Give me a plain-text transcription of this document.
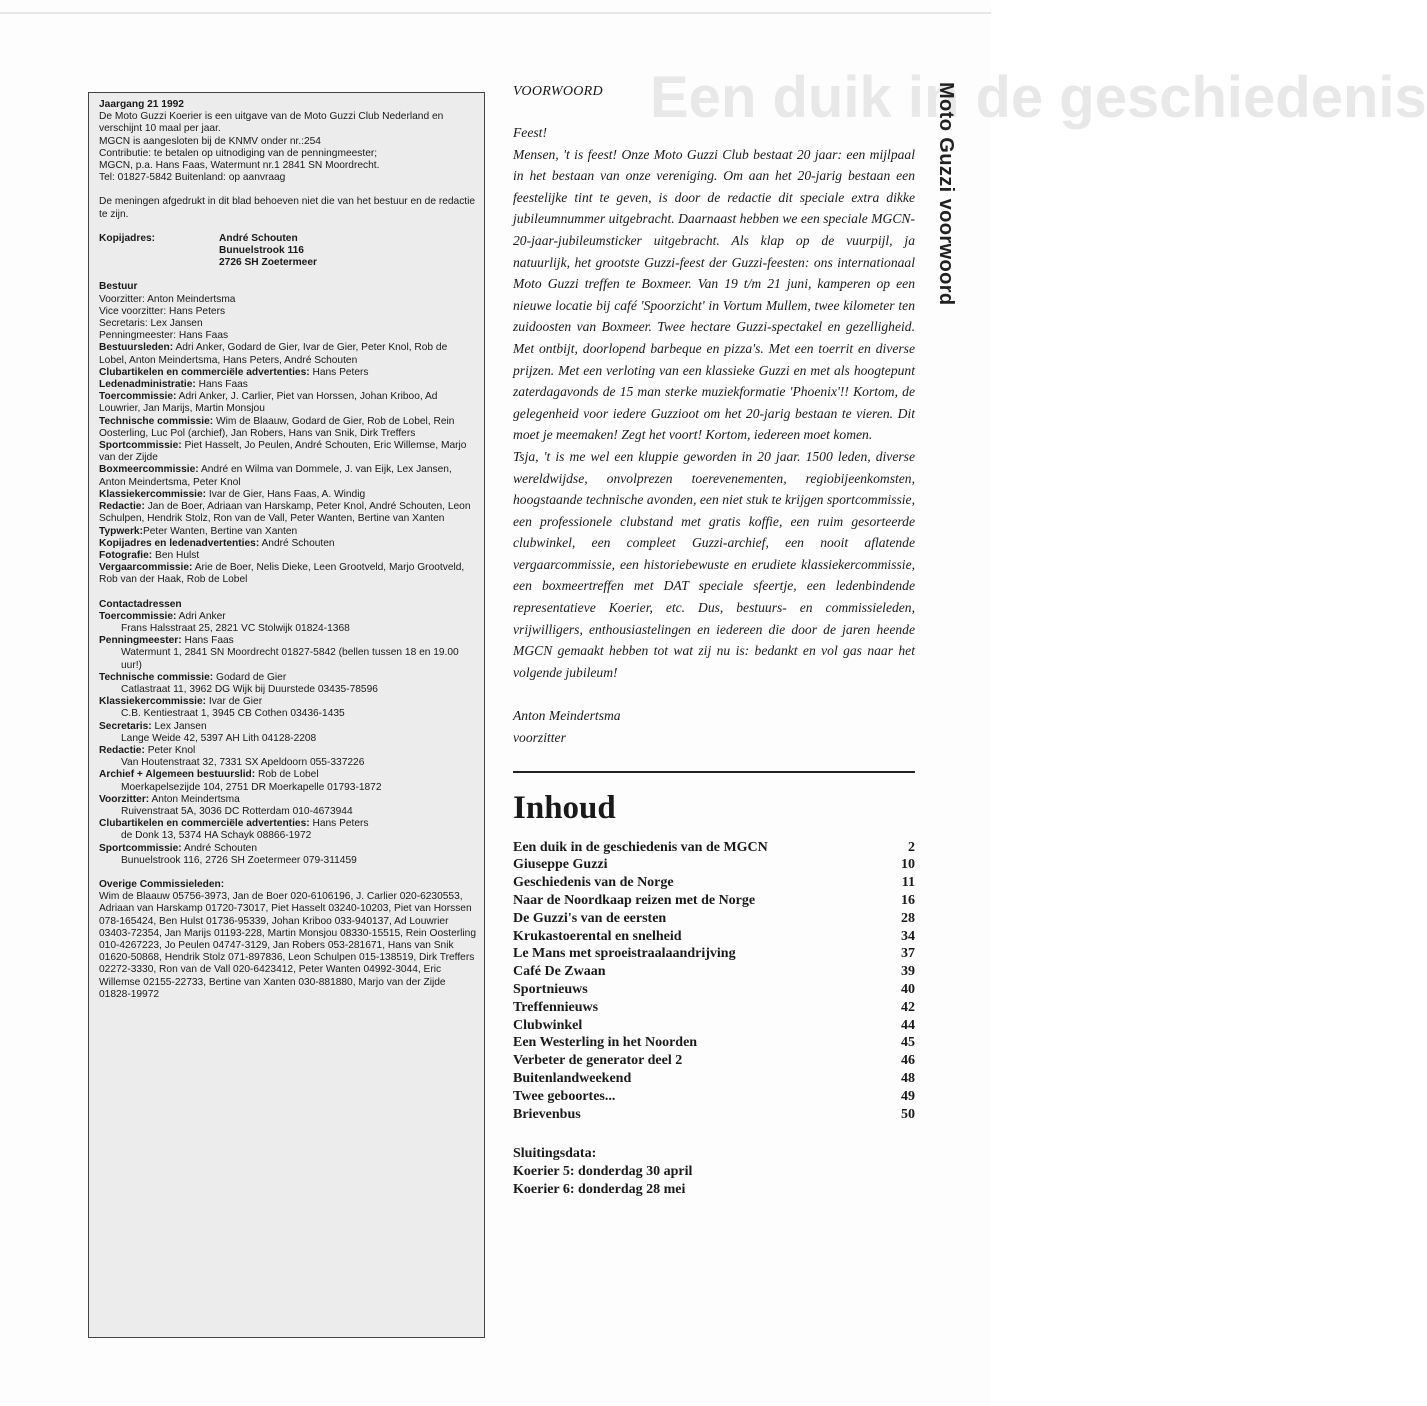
Een duik in de geschiedenis

Jaargang 21 1992

De Moto Guzzi Koerier is een uitgave van de Moto Guzzi Club Nederland en verschijnt 10 maal per jaar.

MGCN is aangesloten bij de KNMV onder nr.:254

Contributie: te betalen op uitnodiging van de penningmeester;

MGCN, p.a. Hans Faas, Watermunt nr.1 2841 SN Moordrecht.

Tel: 01827-5842 Buitenland: op aanvraag

De meningen afgedrukt in dit blad behoeven niet die van het bestuur en de redactie te zijn.

Kopijadres:	André Schouten
Bunuelstrook 116
2726 SH Zoetermeer

Bestuur

Voorzitter: Anton Meindertsma

Vice voorzitter: Hans Peters

Secretaris: Lex Jansen

Penningmeester: Hans Faas

Bestuursleden: Adri Anker, Godard de Gier, Ivar de Gier, Peter Knol, Rob de Lobel, Anton Meindertsma, Hans Peters, André Schouten

Clubartikelen en commerciële advertenties: Hans Peters

Ledenadministratie: Hans Faas

Toercommissie: Adri Anker, J. Carlier, Piet van Horssen, Johan Kriboo, Ad Louwrier, Jan Marijs, Martin Monsjou

Technische commissie: Wim de Blaauw, Godard de Gier, Rob de Lobel, Rein Oosterling, Luc Pol (archief), Jan Robers, Hans van Snik, Dirk Treffers

Sportcommissie: Piet Hasselt, Jo Peulen, André Schouten, Eric Willemse, Marjo van der Zijde

Boxmeercommissie: André en Wilma van Dommele, J. van Eijk, Lex Jansen, Anton Meindertsma, Peter Knol

Klassiekercommissie: Ivar de Gier, Hans Faas, A. Windig

Redactie: Jan de Boer, Adriaan van Harskamp, Peter Knol, André Schouten, Leon Schulpen, Hendrik Stolz, Ron van de Vall, Peter Wanten, Bertine van Xanten

Typwerk:Peter Wanten, Bertine van Xanten

Kopijadres en ledenadvertenties: André Schouten

Fotografie: Ben Hulst

Vergaarcommissie: Arie de Boer, Nelis Dieke, Leen Grootveld, Marjo Grootveld, Rob van der Haak, Rob de Lobel

Contactadressen

Toercommissie: Adri Anker

Frans Halsstraat 25, 2821 VC Stolwijk 01824-1368

Penningmeester: Hans Faas

Watermunt 1, 2841 SN Moordrecht 01827-5842 (bellen tussen 18 en 19.00 uur!)

Technische commissie: Godard de Gier

Catlastraat 11, 3962 DG Wijk bij Duurstede 03435-78596

Klassiekercommissie: Ivar de Gier

C.B. Kentiestraat 1, 3945 CB Cothen 03436-1435

Secretaris: Lex Jansen

Lange Weide 42, 5397 AH Lith 04128-2208

Redactie: Peter Knol

Van Houtenstraat 32, 7331 SX Apeldoorn 055-337226

Archief + Algemeen bestuurslid: Rob de Lobel

Moerkapelsezijde 104, 2751 DR Moerkapelle 01793-1872

Voorzitter: Anton Meindertsma

Ruivenstraat 5A, 3036 DC Rotterdam 010-4673944

Clubartikelen en commerciële advertenties: Hans Peters

de Donk 13, 5374 HA Schayk 08866-1972

Sportcommissie: André Schouten

Bunuelstrook 116, 2726 SH Zoetermeer 079-311459

Overige Commissieleden:

Wim de Blaauw 05756-3973, Jan de Boer 020-6106196, J. Carlier 020-6230553, Adriaan van Harskamp 01720-73017, Piet Hasselt 03240-10203, Piet van Horssen 078-165424, Ben Hulst 01736-95339, Johan Kriboo 033-940137, Ad Louwrier 03403-72354, Jan Marijs 01193-228, Martin Monsjou 08330-15515, Rein Oosterling 010-4267223, Jo Peulen 04747-3129, Jan Robers 053-281671, Hans van Snik 01620-50868, Hendrik Stolz 071-897836, Leon Schulpen 015-138519, Dirk Treffers 02272-3330, Ron van de Vall 020-6423412, Peter Wanten 04992-3044, Eric Willemse 02155-22733, Bertine van Xanten 030-881880, Marjo van der Zijde 01828-19972

VOORWOORD

Feest!

Mensen, 't is feest! Onze Moto Guzzi Club bestaat 20 jaar: een mijlpaal in het bestaan van onze vereniging. Om aan het 20-jarig bestaan een feestelijke tint te geven, is door de redactie dit speciale extra dikke jubileumnummer uitgebracht. Daarnaast hebben we een speciale MGCN-20-jaar-jubileumsticker uitgebracht. Als klap op de vuurpijl, ja natuurlijk, het grootste Guzzi-feest der Guzzi-feesten: ons internationaal Moto Guzzi treffen te Boxmeer. Van 19 t/m 21 juni, kamperen op een nieuwe locatie bij café 'Spoorzicht' in Vortum Mullem, twee kilometer ten zuidoosten van Boxmeer. Twee hectare Guzzi-spectakel en gezelligheid. Met ontbijt, doorlopend barbeque en pizza's. Met een toerrit en diverse prijzen. Met een verloting van een klassieke Guzzi en met als hoogtepunt zaterdagavonds de 15 man sterke muziekformatie 'Phoenix'!! Kortom, de gelegenheid voor iedere Guzzioot om het 20-jarig bestaan te vieren. Dit moet je meemaken! Zegt het voort! Kortom, iedereen moet komen.

Tsja, 't is me wel een kluppie geworden in 20 jaar. 1500 leden, diverse wereldwijdse, onvolprezen toerevenementen, regiobijeenkomsten, hoogstaande technische avonden, een niet stuk te krijgen sportcommissie, een professionele clubstand met gratis koffie, een ruim gesorteerde clubwinkel, een compleet Guzzi-archief, een nooit aflatende vergaarcommissie, een historiebewuste en erudiete klassiekercommissie, een boxmeertreffen met DAT speciale sfeertje, een ledenbindende representatieve Koerier, etc. Dus, bestuurs- en commissieleden, vrijwilligers, enthousiastelingen en iedereen die door de jaren heende MGCN gemaakt hebben tot wat zij nu is: bedankt en vol gas naar het volgende jubileum!

Anton Meindertsma
voorzitter
Inhoud
Een duik in de geschiedenis van de MGCN	2
Giuseppe Guzzi	10
Geschiedenis van de Norge	11
Naar de Noordkaap reizen met de Norge	16
De Guzzi's van de eersten	28
Krukastoerental en snelheid	34
Le Mans met sproeistraalaandrijving	37
Café De Zwaan	39
Sportnieuws	40
Treffennieuws	42
Clubwinkel	44
Een Westerling in het Noorden	45
Verbeter de generator deel 2	46
Buitenlandweekend	48
Twee geboortes...	49
Brievenbus	50
Sluitingsdata:
Koerier 5: donderdag 30 april
Koerier 6: donderdag 28 mei
Moto Guzzi voorwoord
